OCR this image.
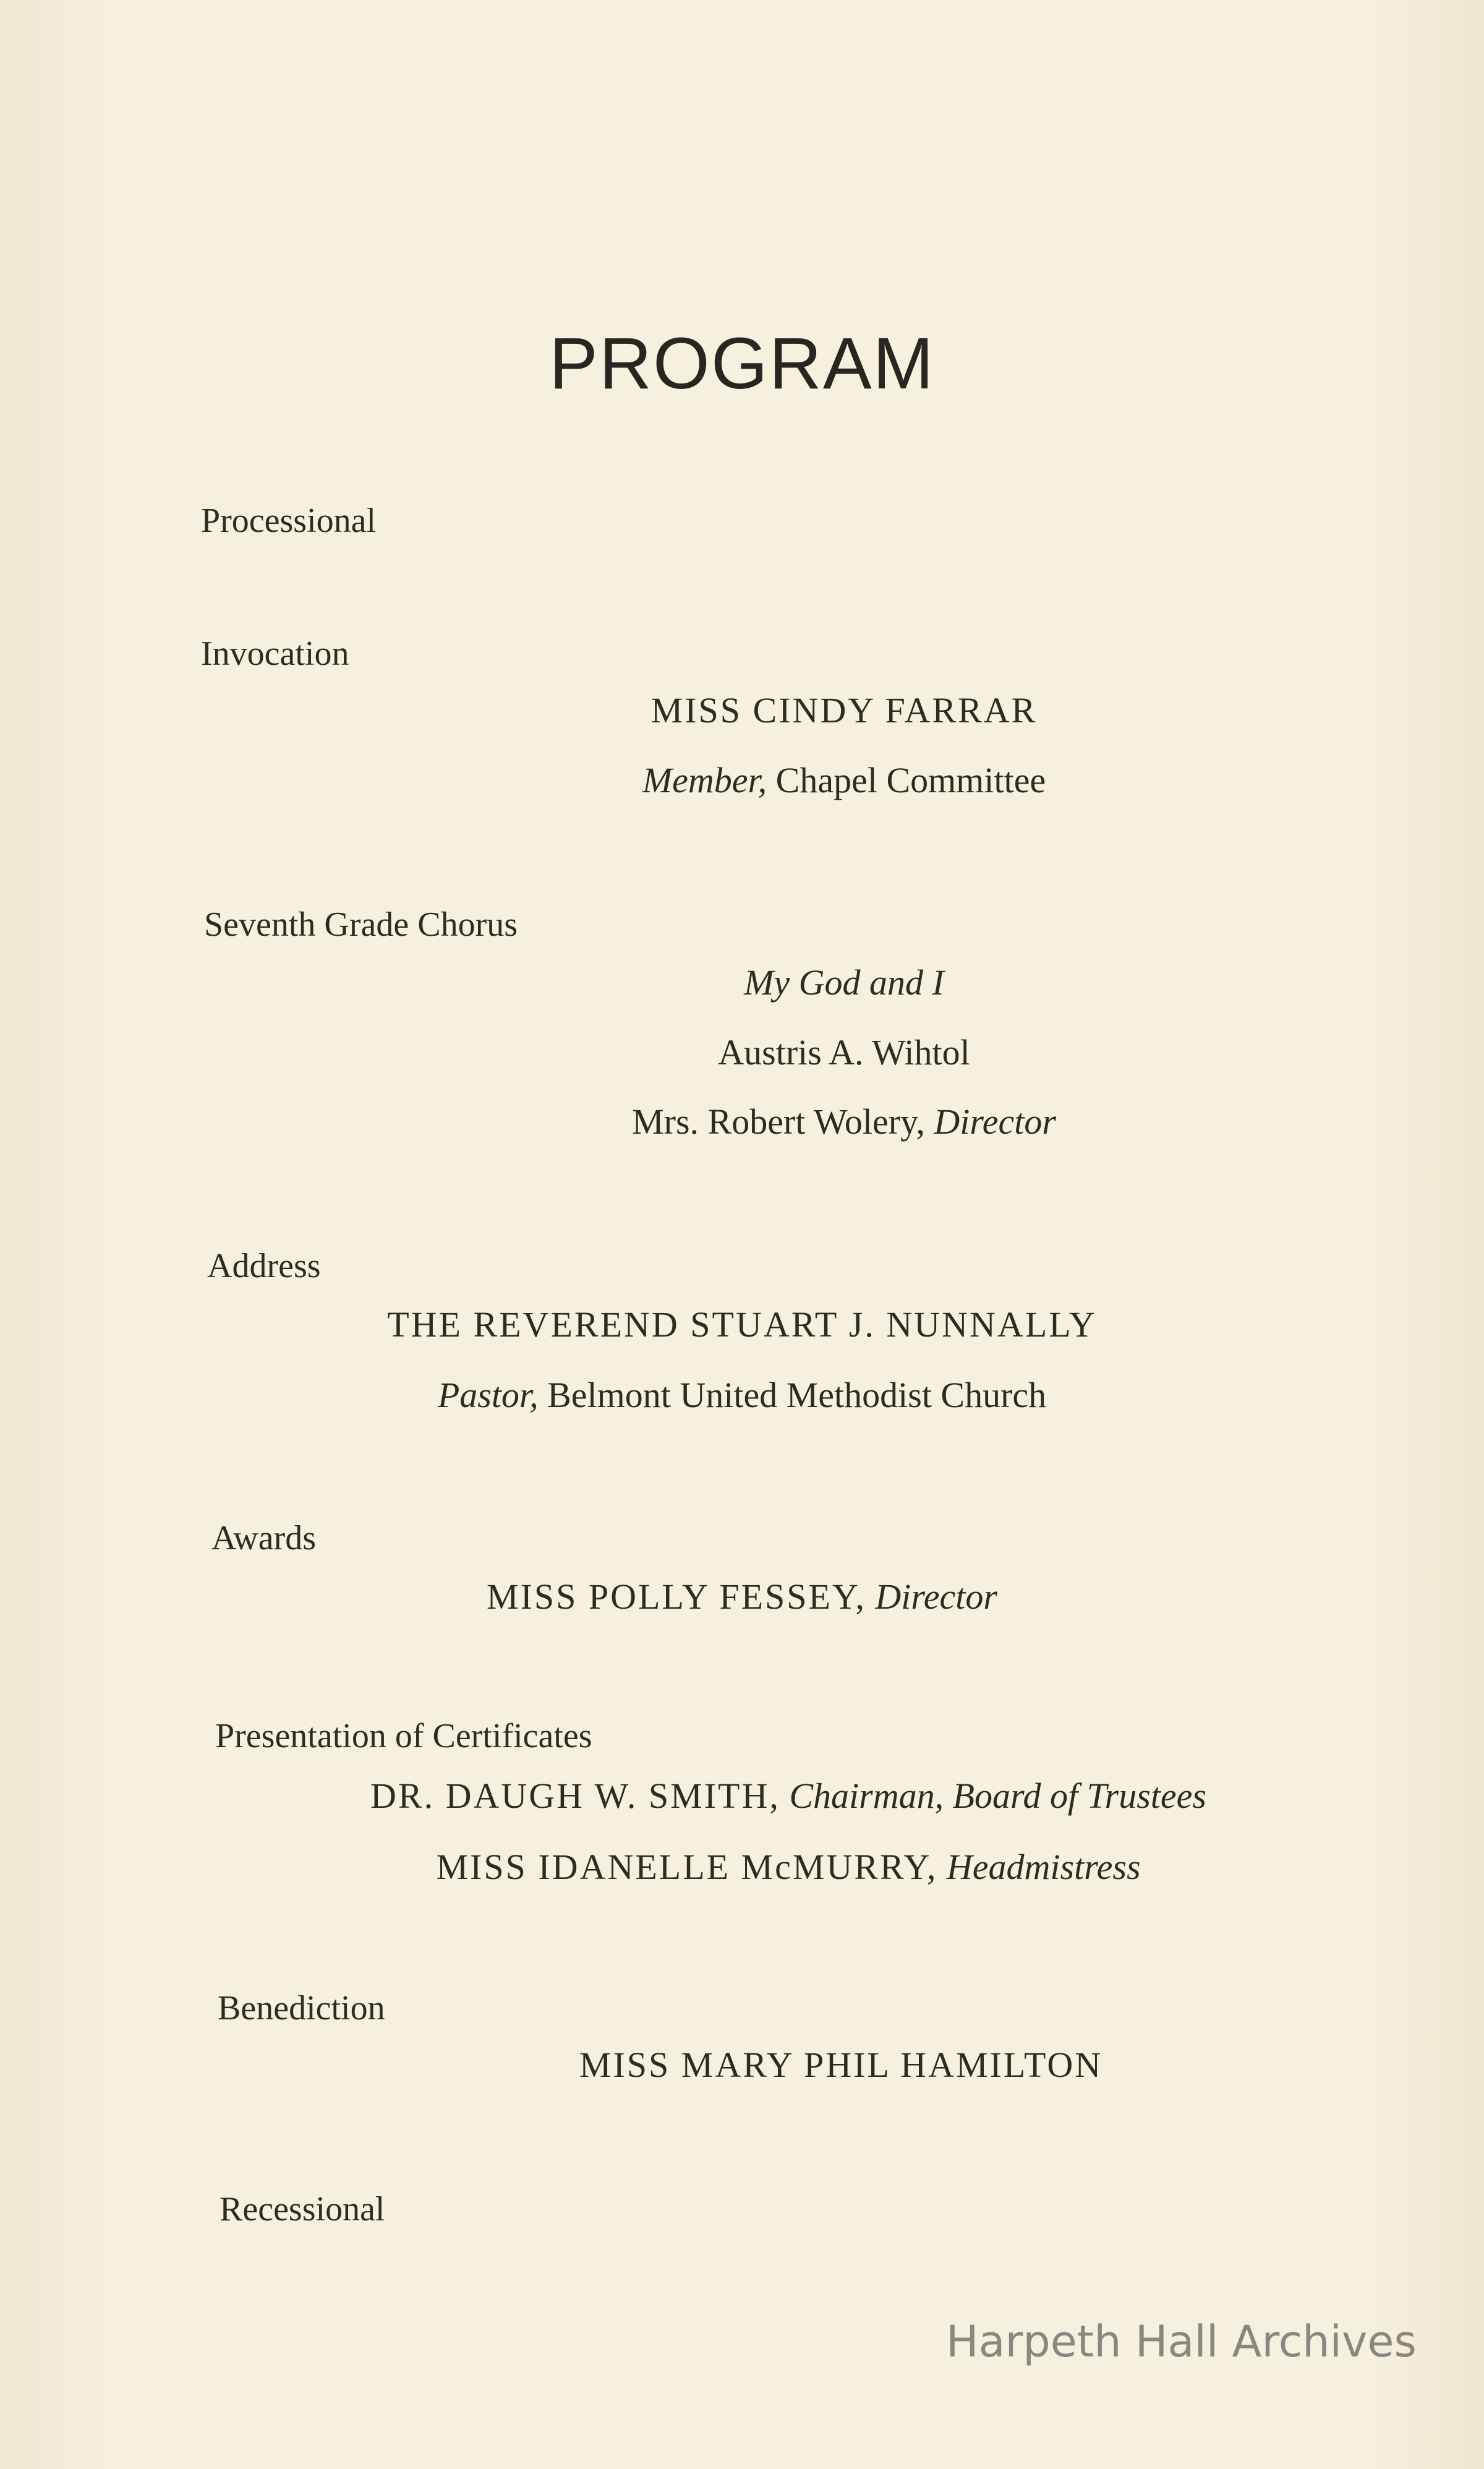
PROGRAM
Processional
Invocation
MISS CINDY FARRAR
Member, Chapel Committee
Seventh Grade Chorus
My God and I
Austris A. Wihtol
Mrs. Robert Wolery, Director
Address
THE REVEREND STUART J. NUNNALLY
Pastor, Belmont United Methodist Church
Awards
MISS POLLY FESSEY, Director
Presentation of Certificates
DR. DAUGH W. SMITH, Chairman, Board of Trustees
MISS IDANELLE McMURRY, Headmistress
Benediction
MISS MARY PHIL HAMILTON
Recessional
Harpeth Hall Archives
